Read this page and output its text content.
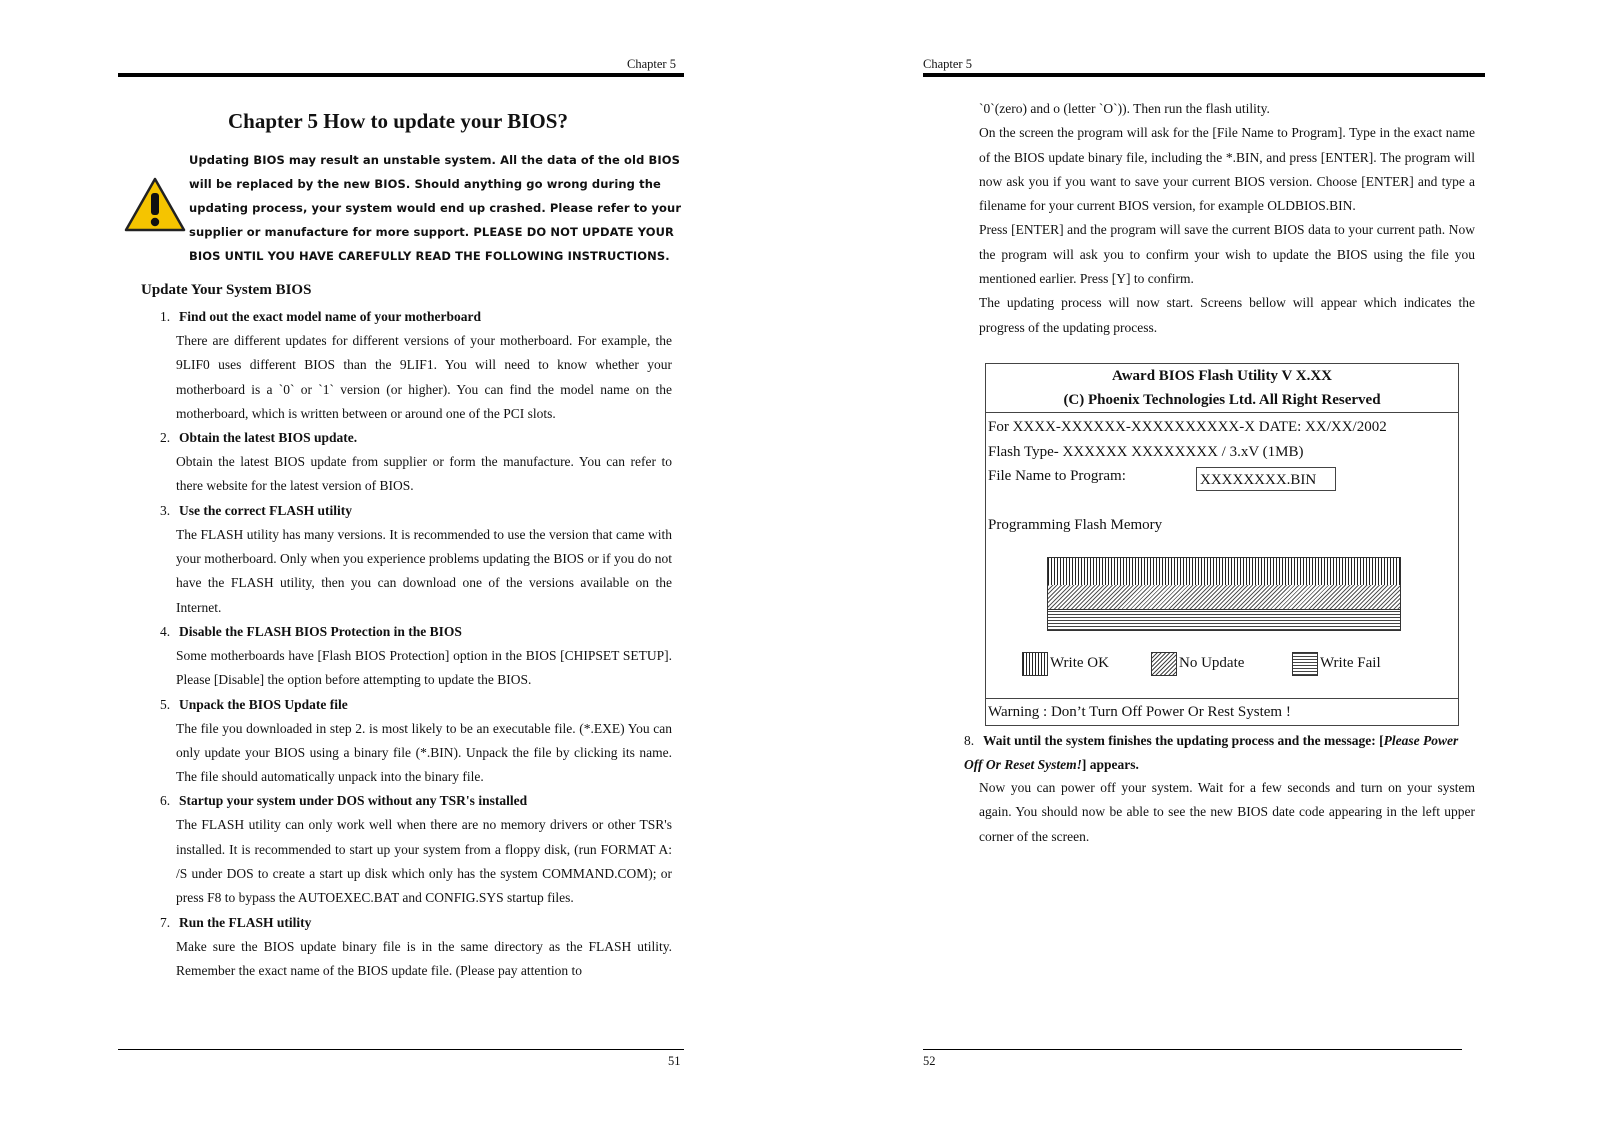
Chapter 5
Chapter 5 How to update your BIOS?
Updating BIOS may result an unstable system. All the data of the old BIOS will be replaced by the new BIOS. Should anything go wrong during the updating process, your system would end up crashed. Please refer to your supplier or manufacture for more support. PLEASE DO NOT UPDATE YOUR BIOS UNTIL YOU HAVE CAREFULLY READ THE FOLLOWING INSTRUCTIONS.
Update Your System BIOS
1. Find out the exact model name of your motherboard
There are different updates for different versions of your motherboard. For example, the 9LIF0 uses different BIOS than the 9LIF1. You will need to know whether your motherboard is a `0` or `1` version (or higher). You can find the model name on the motherboard, which is written between or around one of the PCI slots.
2. Obtain the latest BIOS update.
Obtain the latest BIOS update from supplier or form the manufacture. You can refer to there website for the latest version of BIOS.
3. Use the correct FLASH utility
The FLASH utility has many versions. It is recommended to use the version that came with your motherboard. Only when you experience problems updating the BIOS or if you do not have the FLASH utility, then you can download one of the versions available on the Internet.
4. Disable the FLASH BIOS Protection in the BIOS
Some motherboards have [Flash BIOS Protection] option in the BIOS [CHIPSET SETUP]. Please [Disable] the option before attempting to update the BIOS.
5. Unpack the BIOS Update file
The file you downloaded in step 2. is most likely to be an executable file. (*.EXE) You can only update your BIOS using a binary file (*.BIN). Unpack the file by clicking its name. The file should automatically unpack into the binary file.
6. Startup your system under DOS without any TSR's installed
The FLASH utility can only work well when there are no memory drivers or other TSR's installed. It is recommended to start up your system from a floppy disk, (run FORMAT A: /S under DOS to create a start up disk which only has the system COMMAND.COM); or press F8 to bypass the AUTOEXEC.BAT and CONFIG.SYS startup files.
7. Run the FLASH utility
Make sure the BIOS update binary file is in the same directory as the FLASH utility. Remember the exact name of the BIOS update file. (Please pay attention to
51
Chapter 5
52
`0`(zero) and o (letter `O`)). Then run the flash utility.
On the screen the program will ask for the [File Name to Program]. Type in the exact name of the BIOS update binary file, including the *.BIN, and press [ENTER]. The program will now ask you if you want to save your current BIOS version. Choose [ENTER] and type a filename for your current BIOS version, for example OLDBIOS.BIN.
Press [ENTER] and the program will save the current BIOS data to your current path. Now the program will ask you to confirm your wish to update the BIOS using the file you mentioned earlier. Press [Y] to confirm.
The updating process will now start. Screens bellow will appear which indicates the progress of the updating process.
Award BIOS Flash Utility V X.XX
(C) Phoenix Technologies Ltd. All Right Reserved
For XXXX-XXXXXX-XXXXXXXXXX-X DATE: XX/XX/2002
Flash Type- XXXXXX XXXXXXXX / 3.xV (1MB)
File Name to Program:	XXXXXXXX.BIN
Programming Flash Memory
Write OK	No Update	Write Fail
Warning : Don’t Turn Off Power Or Rest System !
8. Wait until the system finishes the updating process and the message: [Please Power Off Or Reset System!] appears.
Now you can power off your system. Wait for a few seconds and turn on your system again. You should now be able to see the new BIOS date code appearing in the left upper corner of the screen.
